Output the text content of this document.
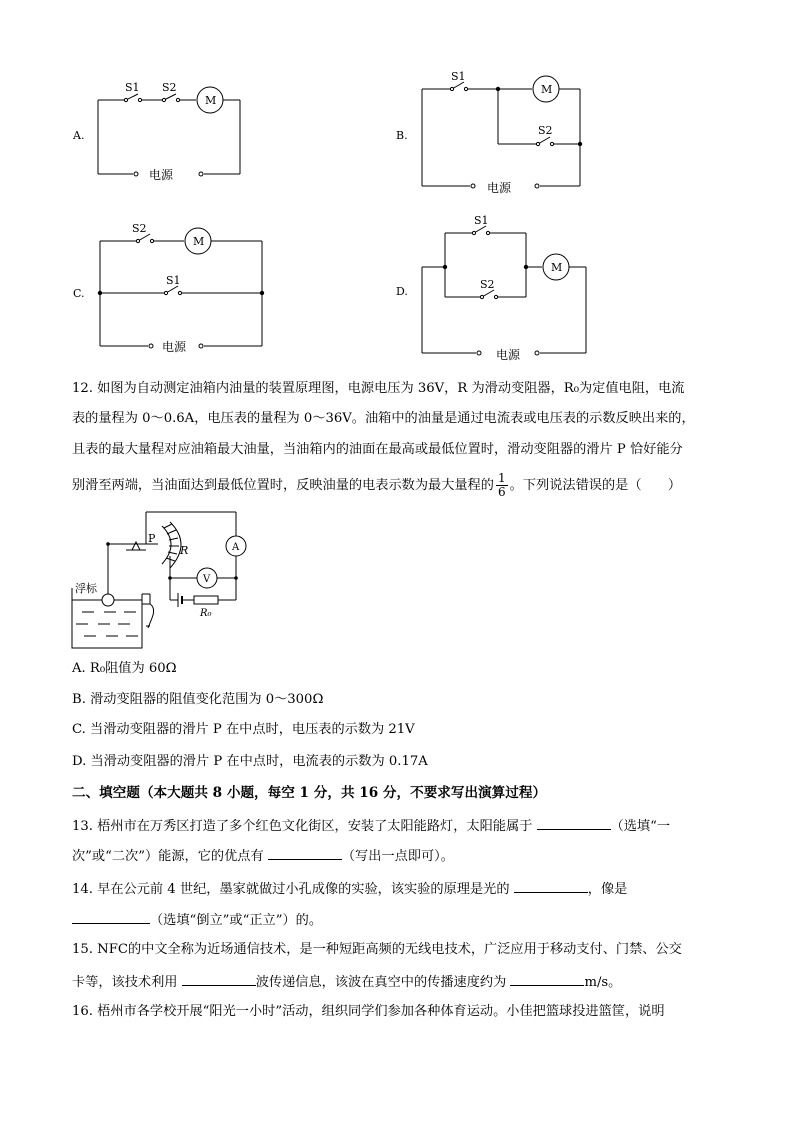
A.
S1 S2
M
电源
B.
S1
S2
M
电源
C.
S2
S1
M
电源
D.
S1
S2
M
电源
12. 如图为自动测定油箱内油量的装置原理图，电源电压为 36V，R 为滑动变阻器，R₀为定值电阻，电流
表的量程为 0～0.6A，电压表的量程为 0～36V。油箱中的油量是通过电流表或电压表的示数反映出来的，
且表的最大量程对应油箱最大油量，当油箱内的油面在最高或最低位置时，滑动变阻器的滑片 P 恰好能分
别滑至两端，当油面达到最低位置时，反映油量的电表示数为最大量程的 $\frac{1}{6}$ 。下列说法错误的是（　　）
P
R	A
V
R₀
浮标
A. R₀阻值为 60Ω
B. 滑动变阻器的阻值变化范围为 0～300Ω
C. 当滑动变阻器的滑片 P 在中点时，电压表的示数为 21V
D. 当滑动变阻器的滑片 P 在中点时，电流表的示数为 0.17A
二、填空题（本大题共 8 小题，每空 1 分，共 16 分，不要求写出演算过程）
13. 梧州市在万秀区打造了多个红色文化街区，安装了太阳能路灯，太阳能属于	（选填“一
次”或“二次”）能源，它的优点有	（写出一点即可）。
14. 早在公元前 4 世纪，墨家就做过小孔成像的实验，该实验的原理是光的	，像是
（选填“倒立”或“正立”）的。
15. NFC的中文全称为近场通信技术，是一种短距高频的无线电技术，广泛应用于移动支付、门禁、公交
卡等，该技术利用	波传递信息，该波在真空中的传播速度约为	m/s。
16. 梧州市各学校开展“阳光一小时”活动，组织同学们参加各种体育运动。小佳把篮球投进篮筐，说明
